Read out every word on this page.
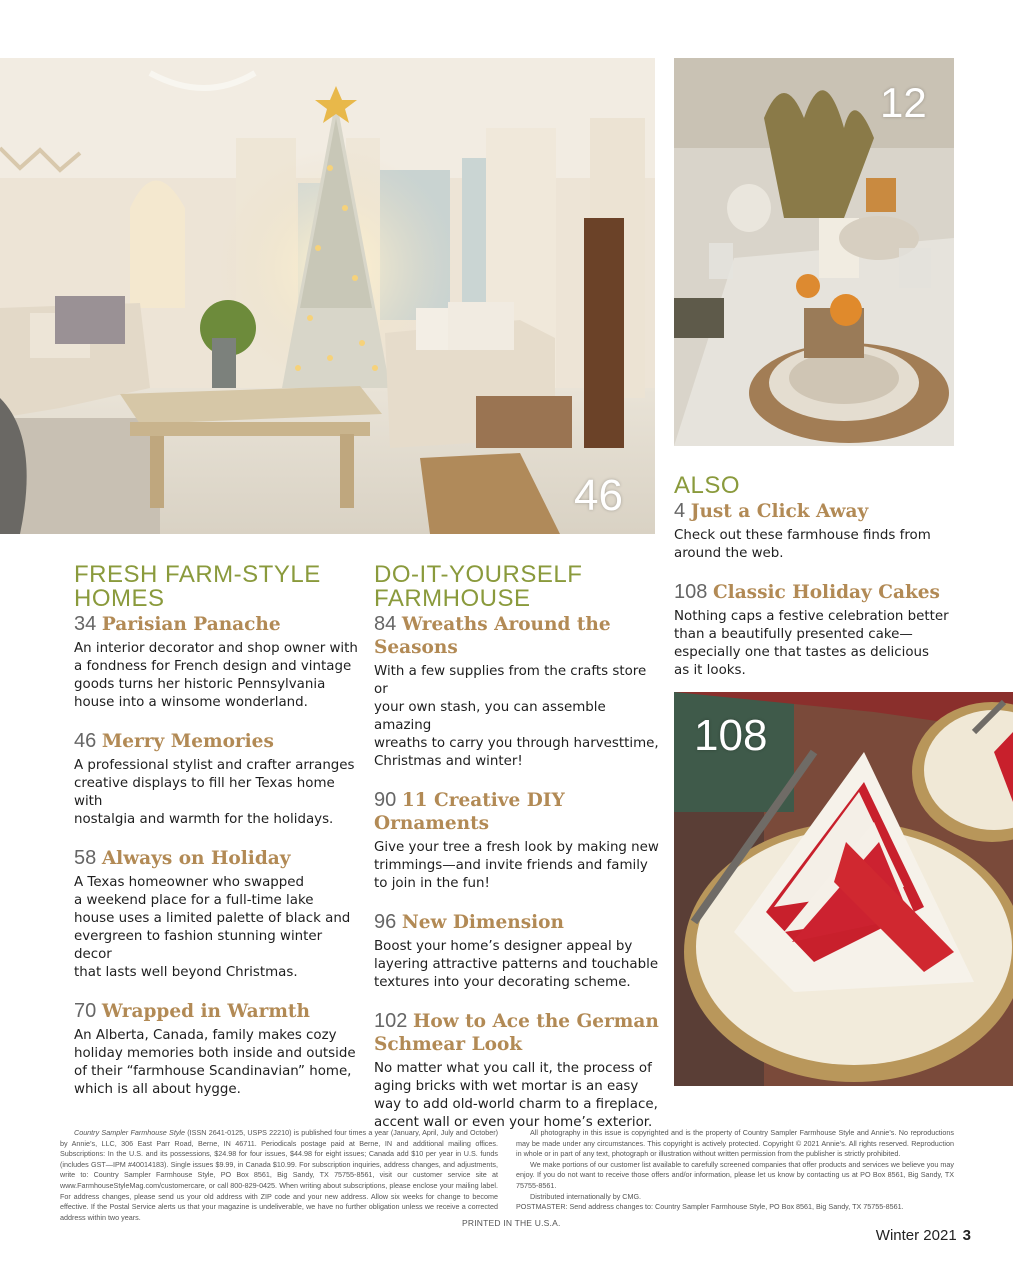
46
12
108
FRESH FARM-STYLE
HOMES
34 Parisian Panache
An interior decorator and shop owner with
a fondness for French design and vintage
goods turns her historic Pennsylvania
house into a winsome wonderland.
46 Merry Memories
A professional stylist and crafter arranges
creative displays to fill her Texas home with
nostalgia and warmth for the holidays.
58 Always on Holiday
A Texas homeowner who swapped
a weekend place for a full-time lake
house uses a limited palette of black and
evergreen to fashion stunning winter decor
that lasts well beyond Christmas.
70 Wrapped in Warmth
An Alberta, Canada, family makes cozy
holiday memories both inside and outside
of their “farmhouse Scandinavian” home,
which is all about hygge.
DO-IT-YOURSELF
FARMHOUSE
84 Wreaths Around the
Seasons
With a few supplies from the crafts store or
your own stash, you can assemble amazing
wreaths to carry you through harvesttime,
Christmas and winter!
90 11 Creative DIY Ornaments
Give your tree a fresh look by making new
trimmings—and invite friends and family
to join in the fun!
96 New Dimension
Boost your home’s designer appeal by
layering attractive patterns and touchable
textures into your decorating scheme.
102 How to Ace the German
Schmear Look
No matter what you call it, the process of
aging bricks with wet mortar is an easy
way to add old-world charm to a fireplace,
accent wall or even your home’s exterior.
ALSO
4 Just a Click Away
Check out these farmhouse finds from
around the web.
108 Classic Holiday Cakes
Nothing caps a festive celebration better
than a beautifully presented cake—
especially one that tastes as delicious
as it looks.
Country Sampler Farmhouse Style (ISSN 2641-0125, USPS 22210) is published four times a year (January, April, July and October) by Annie’s, LLC, 306 East Parr Road, Berne, IN 46711. Periodicals postage paid at Berne, IN and additional mailing offices. Subscriptions: In the U.S. and its possessions, $24.98 for four issues, $44.98 for eight issues; Canada add $10 per year in U.S. funds (includes GST—IPM #40014183). Single issues $9.99, in Canada $10.99. For subscription inquiries, address changes, and adjustments, write to: Country Sampler Farmhouse Style, PO Box 8561, Big Sandy, TX 75755-8561, visit our customer service site at www.FarmhouseStyleMag.com/customercare, or call 800-829-0425. When writing about subscriptions, please enclose your mailing label. For address changes, please send us your old address with ZIP code and your new address. Allow six weeks for change to become effective. If the Postal Service alerts us that your magazine is undeliverable, we have no further obligation unless we receive a corrected address within two years.
All photography in this issue is copyrighted and is the property of Country Sampler Farmhouse Style and Annie’s. No reproductions may be made under any circumstances. This copyright is actively protected. Copyright © 2021 Annie’s. All rights reserved. Reproduction in whole or in part of any text, photograph or illustration without written permission from the publisher is strictly prohibited.
We make portions of our customer list available to carefully screened companies that offer products and services we believe you may enjoy. If you do not want to receive those offers and/or information, please let us know by contacting us at PO Box 8561, Big Sandy, TX 75755-8561.
Distributed internationally by CMG.
POSTMASTER: Send address changes to: Country Sampler Farmhouse Style, PO Box 8561, Big Sandy, TX 75755-8561.
PRINTED IN THE U.S.A.
Winter 2021 3
